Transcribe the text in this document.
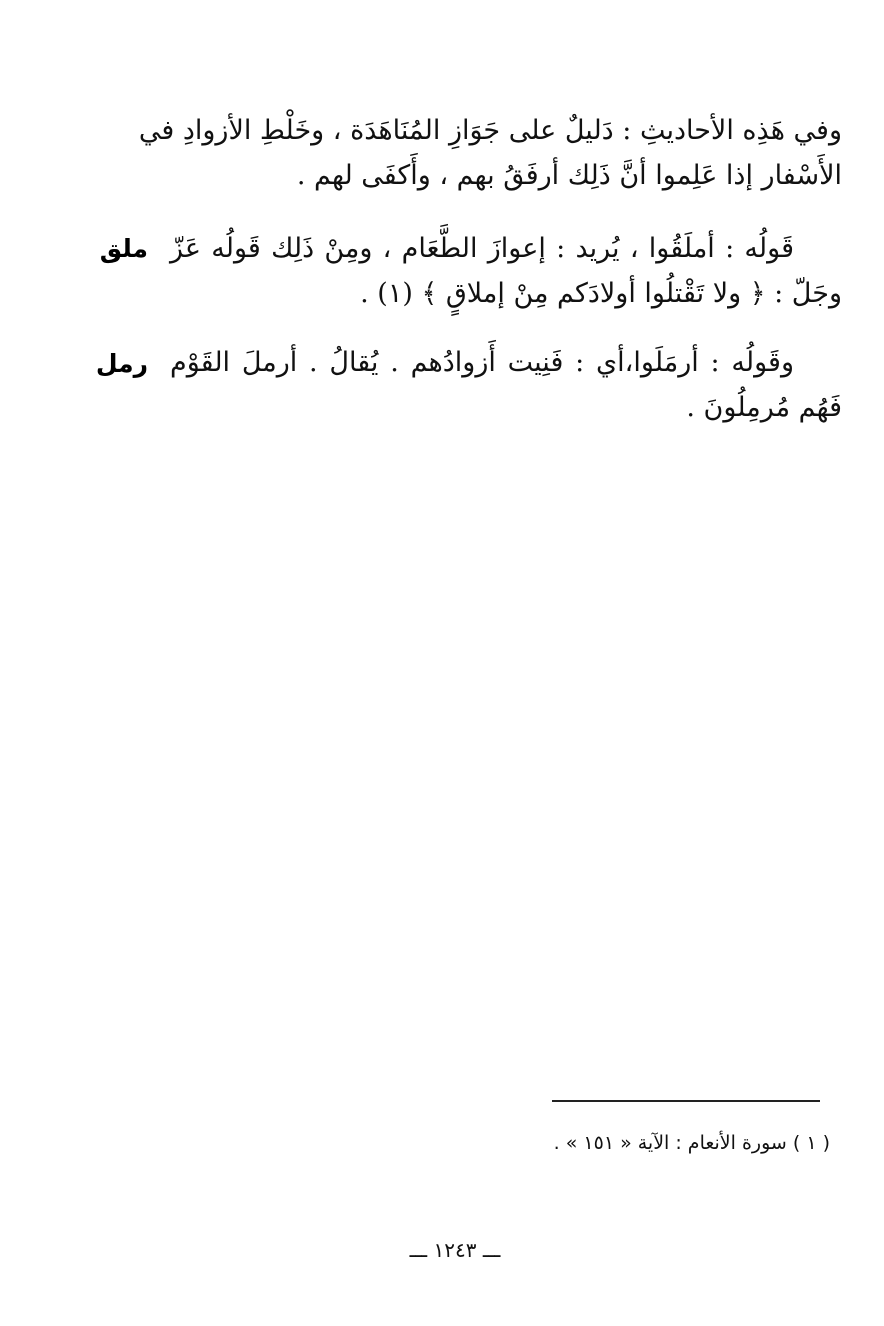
وفي هَذِه الأحاديثِ : دَليلٌ على جَوَازِ المُنَاهَدَة ، وخَلْطِ الأزوادِ في
الأَسْفار إذا عَلِموا أنَّ ذَلِك أرفَقُ بهم ، وأَكفَى لهم .
ملق قَولُه : أملَقُوا ، يُريد : إعوازَ الطَّعَام ، ومِنْ ذَلِك قَولُه عَزّ
وجَلّ : ﴿ ولا تَقْتلُوا أولادَكم مِنْ إملاقٍ ﴾ (١) .
رمل وقَولُه : أرمَلَوا،أي : فَنِيت أَزوادُهم . يُقالُ . أرملَ القَوْم
فَهُم مُرمِلُونَ .
( ١ ) سورة الأنعام : الآية « ١٥١ » .
ـــ ١٢٤٣ ـــ
